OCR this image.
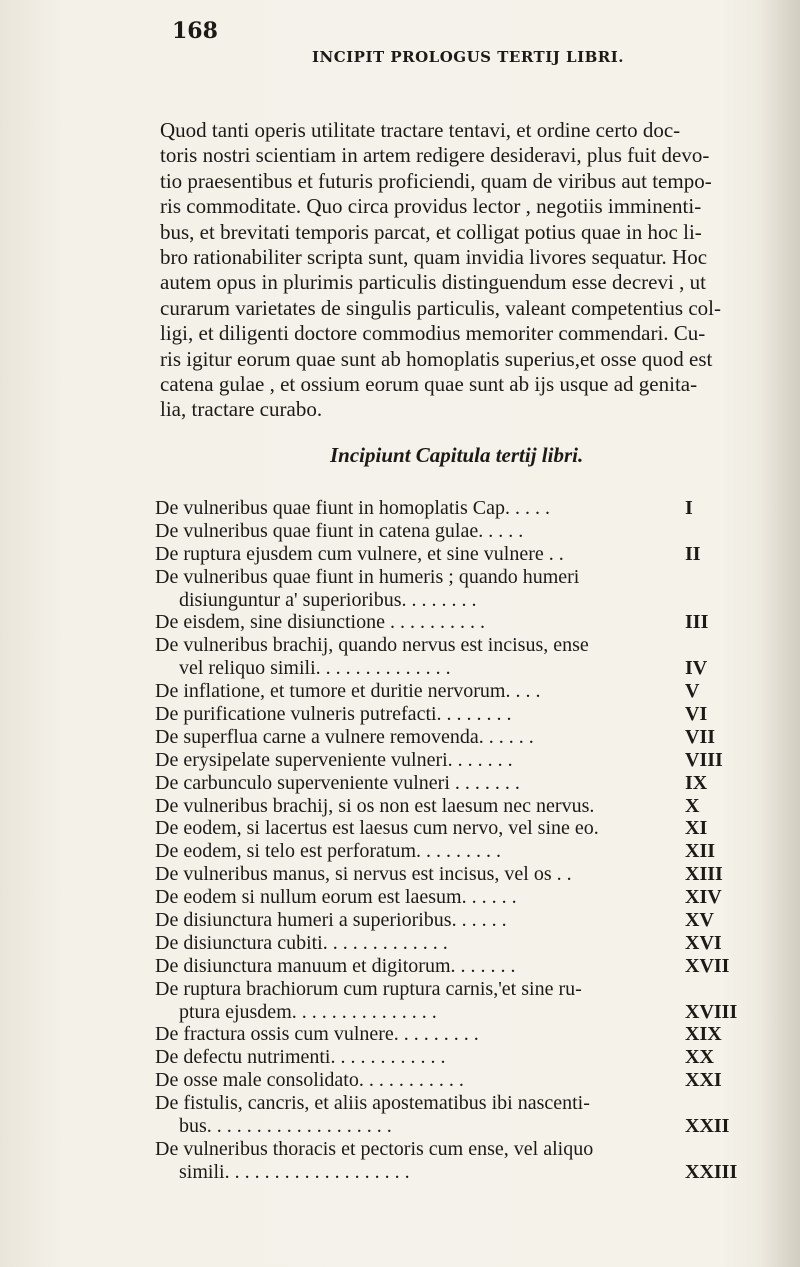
168
INCIPIT PROLOGUS TERTIJ LIBRI.
Quod tanti operis utilitate tractare tentavi, et ordine certo doc-
toris nostri scientiam in artem redigere desideravi, plus fuit devo-
tio praesentibus et futuris proficiendi, quam de viribus aut tempo-
ris commoditate. Quo circa providus lector , negotiis imminenti-
bus, et brevitati temporis parcat, et colligat potius quae in hoc li-
bro rationabiliter scripta sunt, quam invidia livores sequatur. Hoc
autem opus in plurimis particulis distinguendum esse decrevi , ut
curarum varietates de singulis particulis, valeant competentius col-
ligi, et diligenti doctore commodius memoriter commendari. Cu-
ris igitur eorum quae sunt ab homoplatis superius,et osse quod est
catena gulae , et ossium eorum quae sunt ab ijs usque ad genita-
lia, tractare curabo.
Incipiunt Capitula tertij libri.
De vulneribus quae fiunt in homoplatis Cap. . . . .	I
De vulneribus quae fiunt in catena gulae. . . . .
De ruptura ejusdem cum vulnere, et sine vulnere . .	II
De vulneribus quae fiunt in humeris ; quando humeri
disiunguntur a' superioribus. . . . . . . .
De eisdem, sine disiunctione . . . . . . . . . .	III
De vulneribus brachij, quando nervus est incisus, ense
vel reliquo simili. . . . . . . . . . . . . .	IV
De inflatione, et tumore et duritie nervorum. . . .	V
De purificatione vulneris putrefacti. . . . . . . .	VI
De superflua carne a vulnere removenda. . . . . .	VII
De erysipelate superveniente vulneri. . . . . . .	VIII
De carbunculo superveniente vulneri . . . . . . .	IX
De vulneribus brachij, si os non est laesum nec nervus.	X
De eodem, si lacertus est laesus cum nervo, vel sine eo.	XI
De eodem, si telo est perforatum. . . . . . . . .	XII
De vulneribus manus, si nervus est incisus, vel os . .	XIII
De eodem si nullum eorum est laesum. . . . . .	XIV
De disiunctura humeri a superioribus. . . . . .	XV
De disiunctura cubiti. . . . . . . . . . . . .	XVI
De disiunctura manuum et digitorum. . . . . . .	XVII
De ruptura brachiorum cum ruptura carnis,'et sine ru-
ptura ejusdem. . . . . . . . . . . . . . .	XVIII
De fractura ossis cum vulnere. . . . . . . . .	XIX
De defectu nutrimenti. . . . . . . . . . . .	XX
De osse male consolidato. . . . . . . . . . .	XXI
De fistulis, cancris, et aliis apostematibus ibi nascenti-
bus. . . . . . . . . . . . . . . . . . .	XXII
De vulneribus thoracis et pectoris cum ense, vel aliquo
simili. . . . . . . . . . . . . . . . . . .	XXIII
